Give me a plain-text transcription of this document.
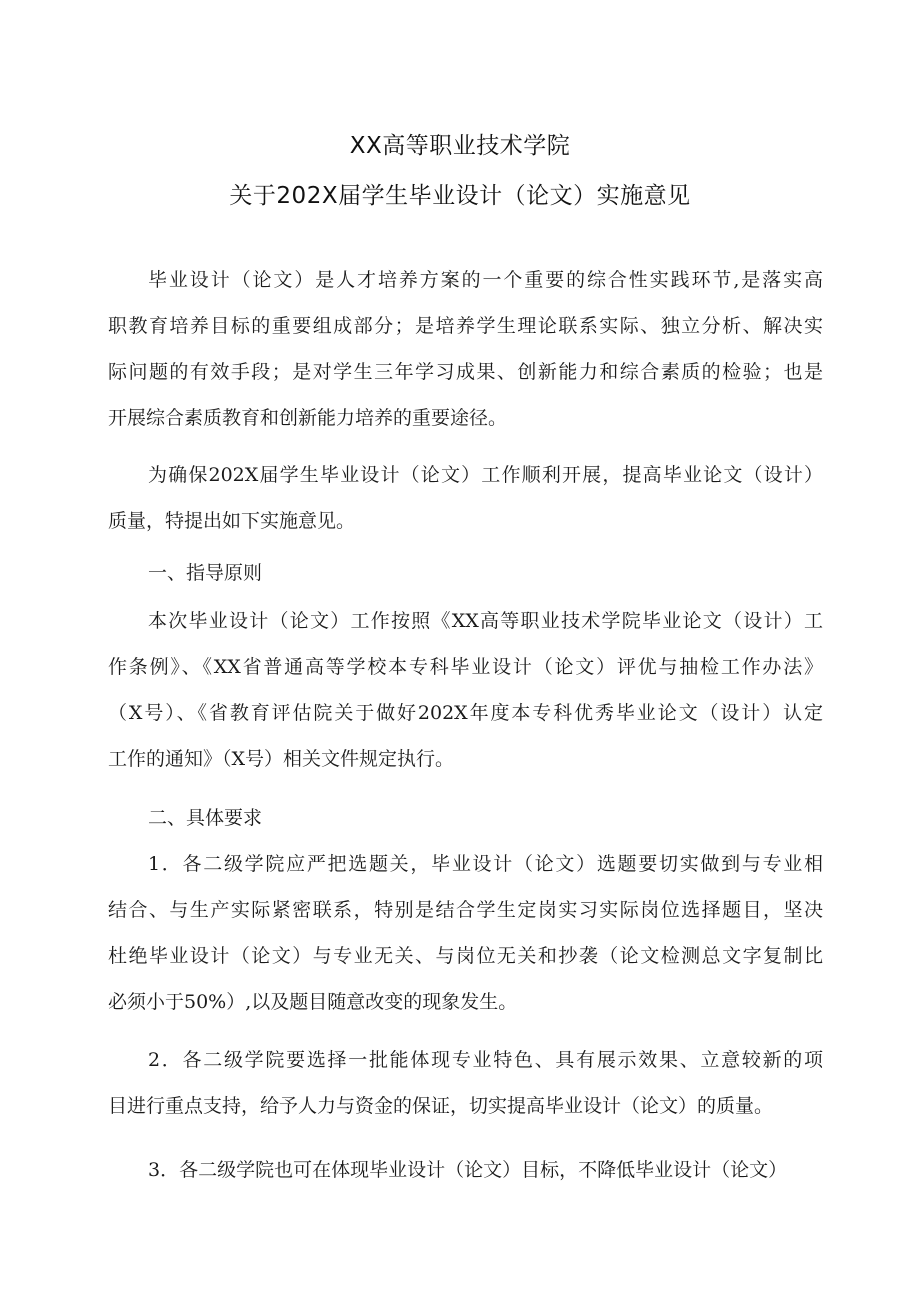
XX高等职业技术学院
关于202X届学生毕业设计（论文）实施意见
毕业设计（论文）是人才培养方案的一个重要的综合性实践环节,是落实高
职教育培养目标的重要组成部分；是培养学生理论联系实际、独立分析、解决实
际问题的有效手段；是对学生三年学习成果、创新能力和综合素质的检验；也是
开展综合素质教育和创新能力培养的重要途径。
为确保202X届学生毕业设计（论文）工作顺利开展，提高毕业论文（设计）
质量，特提出如下实施意见。
一、指导原则
本次毕业设计（论文）工作按照《XX高等职业技术学院毕业论文（设计）工
作条例》、《XX省普通高等学校本专科毕业设计（论文）评优与抽检工作办法》
（X号）、《省教育评估院关于做好202X年度本专科优秀毕业论文（设计）认定
工作的通知》（X号）相关文件规定执行。
二、具体要求
1．各二级学院应严把选题关，毕业设计（论文）选题要切实做到与专业相
结合、与生产实际紧密联系，特别是结合学生定岗实习实际岗位选择题目，坚决
杜绝毕业设计（论文）与专业无关、与岗位无关和抄袭（论文检测总文字复制比
必须小于50%）,以及题目随意改变的现象发生。
2．各二级学院要选择一批能体现专业特色、具有展示效果、立意较新的项
目进行重点支持，给予人力与资金的保证，切实提高毕业设计（论文）的质量。
3．各二级学院也可在体现毕业设计（论文）目标，不降低毕业设计（论文）
